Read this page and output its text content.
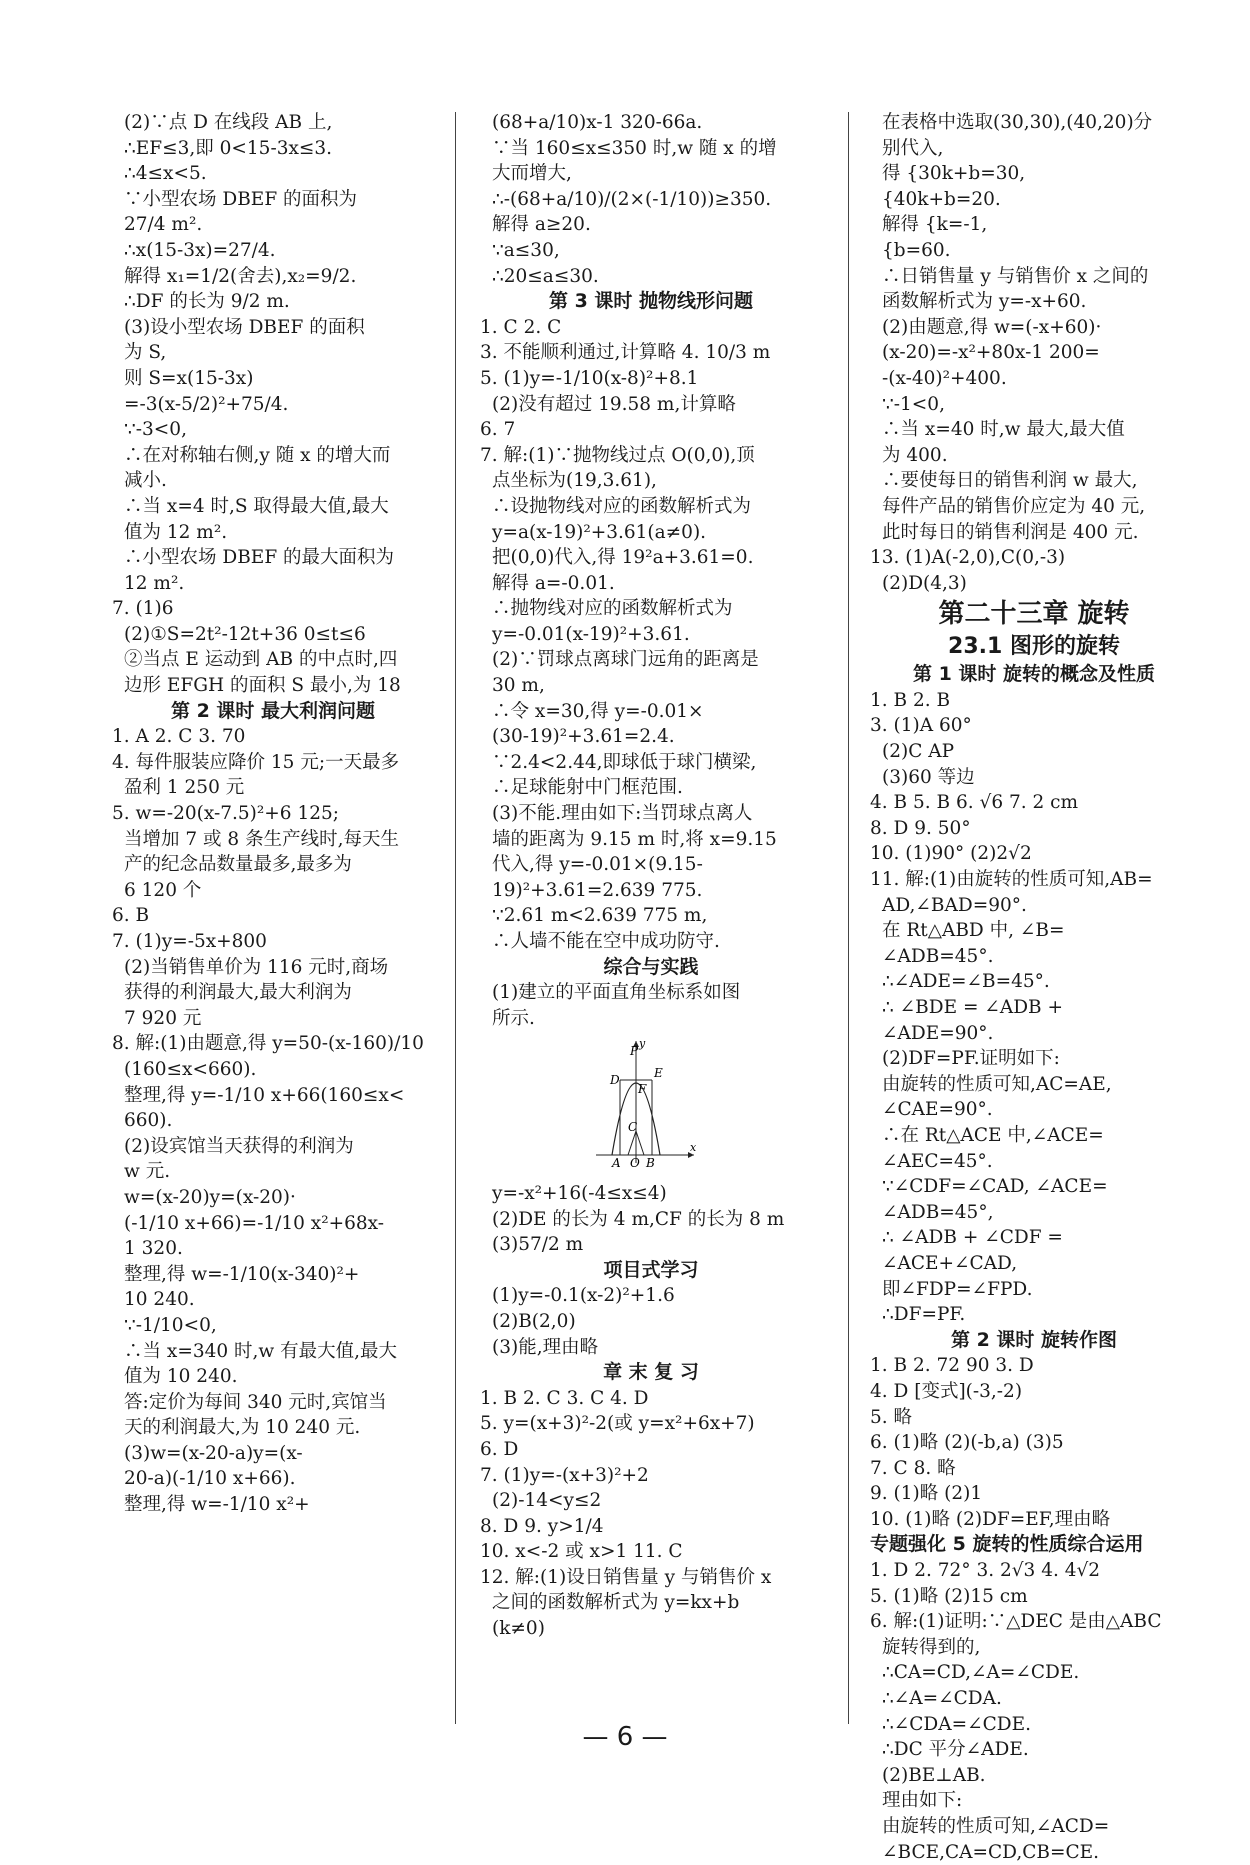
(2)∵点 D 在线段 AB 上,
∴EF≤3,即 0<15-3x≤3.
∴4≤x<5.
∵小型农场 DBEF 的面积为
27/4 m².
∴x(15-3x)=27/4.
解得 x₁=1/2(舍去),x₂=9/2.
∴DF 的长为 9/2 m.
(3)设小型农场 DBEF 的面积
为 S,
则 S=x(15-3x)
=-3(x-5/2)²+75/4.
∵-3<0,
∴在对称轴右侧,y 随 x 的增大而
减小.
∴当 x=4 时,S 取得最大值,最大
值为 12 m².
∴小型农场 DBEF 的最大面积为
12 m².
7. (1)6
(2)①S=2t²-12t+36 0≤t≤6
②当点 E 运动到 AB 的中点时,四
边形 EFGH 的面积 S 最小,为 18
第 2 课时 最大利润问题
1. A 2. C 3. 70
4. 每件服装应降价 15 元;一天最多
盈利 1 250 元
5. w=-20(x-7.5)²+6 125;
当增加 7 或 8 条生产线时,每天生
产的纪念品数量最多,最多为
6 120 个
6. B
7. (1)y=-5x+800
(2)当销售单价为 116 元时,商场
获得的利润最大,最大利润为
7 920 元
8. 解:(1)由题意,得 y=50-(x-160)/10
(160≤x<660).
整理,得 y=-1/10 x+66(160≤x<
660).
(2)设宾馆当天获得的利润为
w 元.
w=(x-20)y=(x-20)·
(-1/10 x+66)=-1/10 x²+68x-
1 320.
整理,得 w=-1/10(x-340)²+
10 240.
∵-1/10<0,
∴当 x=340 时,w 有最大值,最大
值为 10 240.
答:定价为每间 340 元时,宾馆当
天的利润最大,为 10 240 元.
(3)w=(x-20-a)y=(x-
20-a)(-1/10 x+66).
整理,得 w=-1/10 x²+
(68+a/10)x-1 320-66a.
∵当 160≤x≤350 时,w 随 x 的增
大而增大,
∴-(68+a/10)/(2×(-1/10))≥350.
解得 a≥20.
∵a≤30,
∴20≤a≤30.
第 3 课时 抛物线形问题
1. C 2. C
3. 不能顺利通过,计算略 4. 10/3 m
5. (1)y=-1/10(x-8)²+8.1
(2)没有超过 19.58 m,计算略
6. 7
7. 解:(1)∵抛物线过点 O(0,0),顶
点坐标为(19,3.61),
∴设抛物线对应的函数解析式为
y=a(x-19)²+3.61(a≠0).
把(0,0)代入,得 19²a+3.61=0.
解得 a=-0.01.
∴抛物线对应的函数解析式为
y=-0.01(x-19)²+3.61.
(2)∵罚球点离球门远角的距离是
30 m,
∴令 x=30,得 y=-0.01×
(30-19)²+3.61=2.4.
∵2.4<2.44,即球低于球门横梁,
∴足球能射中门框范围.
(3)不能.理由如下:当罚球点离人
墙的距离为 9.15 m 时,将 x=9.15
代入,得 y=-0.01×(9.15-
19)²+3.61=2.639 775.
∵2.61 m<2.639 775 m,
∴人墙不能在空中成功防守.
综合与实践
(1)建立的平面直角坐标系如图
所示.
y
x
P
D	E
F
C
A O B
y=-x²+16(-4≤x≤4)
(2)DE 的长为 4 m,CF 的长为 8 m
(3)57/2 m
项目式学习
(1)y=-0.1(x-2)²+1.6
(2)B(2,0)
(3)能,理由略
章 末 复 习
1. B 2. C 3. C 4. D
5. y=(x+3)²-2(或 y=x²+6x+7)
6. D
7. (1)y=-(x+3)²+2
(2)-14<y≤2
8. D 9. y>1/4
10. x<-2 或 x>1 11. C
12. 解:(1)设日销售量 y 与销售价 x
之间的函数解析式为 y=kx+b
(k≠0)
在表格中选取(30,30),(40,20)分
别代入,
得 {30k+b=30,
{40k+b=20.
解得 {k=-1,
{b=60.
∴日销售量 y 与销售价 x 之间的
函数解析式为 y=-x+60.
(2)由题意,得 w=(-x+60)·
(x-20)=-x²+80x-1 200=
-(x-40)²+400.
∵-1<0,
∴当 x=40 时,w 最大,最大值
为 400.
∴要使每日的销售利润 w 最大,
每件产品的销售价应定为 40 元,
此时每日的销售利润是 400 元.
13. (1)A(-2,0),C(0,-3)
(2)D(4,3)
第二十三章 旋转
23.1 图形的旋转
第 1 课时 旋转的概念及性质
1. B 2. B
3. (1)A 60°
(2)C AP
(3)60 等边
4. B 5. B 6. √6 7. 2 cm
8. D 9. 50°
10. (1)90° (2)2√2
11. 解:(1)由旋转的性质可知,AB=
AD,∠BAD=90°.
在 Rt△ABD 中, ∠B=
∠ADB=45°.
∴∠ADE=∠B=45°.
∴ ∠BDE = ∠ADB +
∠ADE=90°.
(2)DF=PF.证明如下:
由旋转的性质可知,AC=AE,
∠CAE=90°.
∴在 Rt△ACE 中,∠ACE=
∠AEC=45°.
∵∠CDF=∠CAD, ∠ACE=
∠ADB=45°,
∴ ∠ADB + ∠CDF =
∠ACE+∠CAD,
即∠FDP=∠FPD.
∴DF=PF.
第 2 课时 旋转作图
1. B 2. 72 90 3. D
4. D [变式](-3,-2)
5. 略
6. (1)略 (2)(-b,a) (3)5
7. C 8. 略
9. (1)略 (2)1
10. (1)略 (2)DF=EF,理由略
专题强化 5 旋转的性质综合运用
1. D 2. 72° 3. 2√3 4. 4√2
5. (1)略 (2)15 cm
6. 解:(1)证明:∵△DEC 是由△ABC
旋转得到的,
∴CA=CD,∠A=∠CDE.
∴∠A=∠CDA.
∴∠CDA=∠CDE.
∴DC 平分∠ADE.
(2)BE⊥AB.
理由如下:
由旋转的性质可知,∠ACD=
∠BCE,CA=CD,CB=CE.
— 6 —
